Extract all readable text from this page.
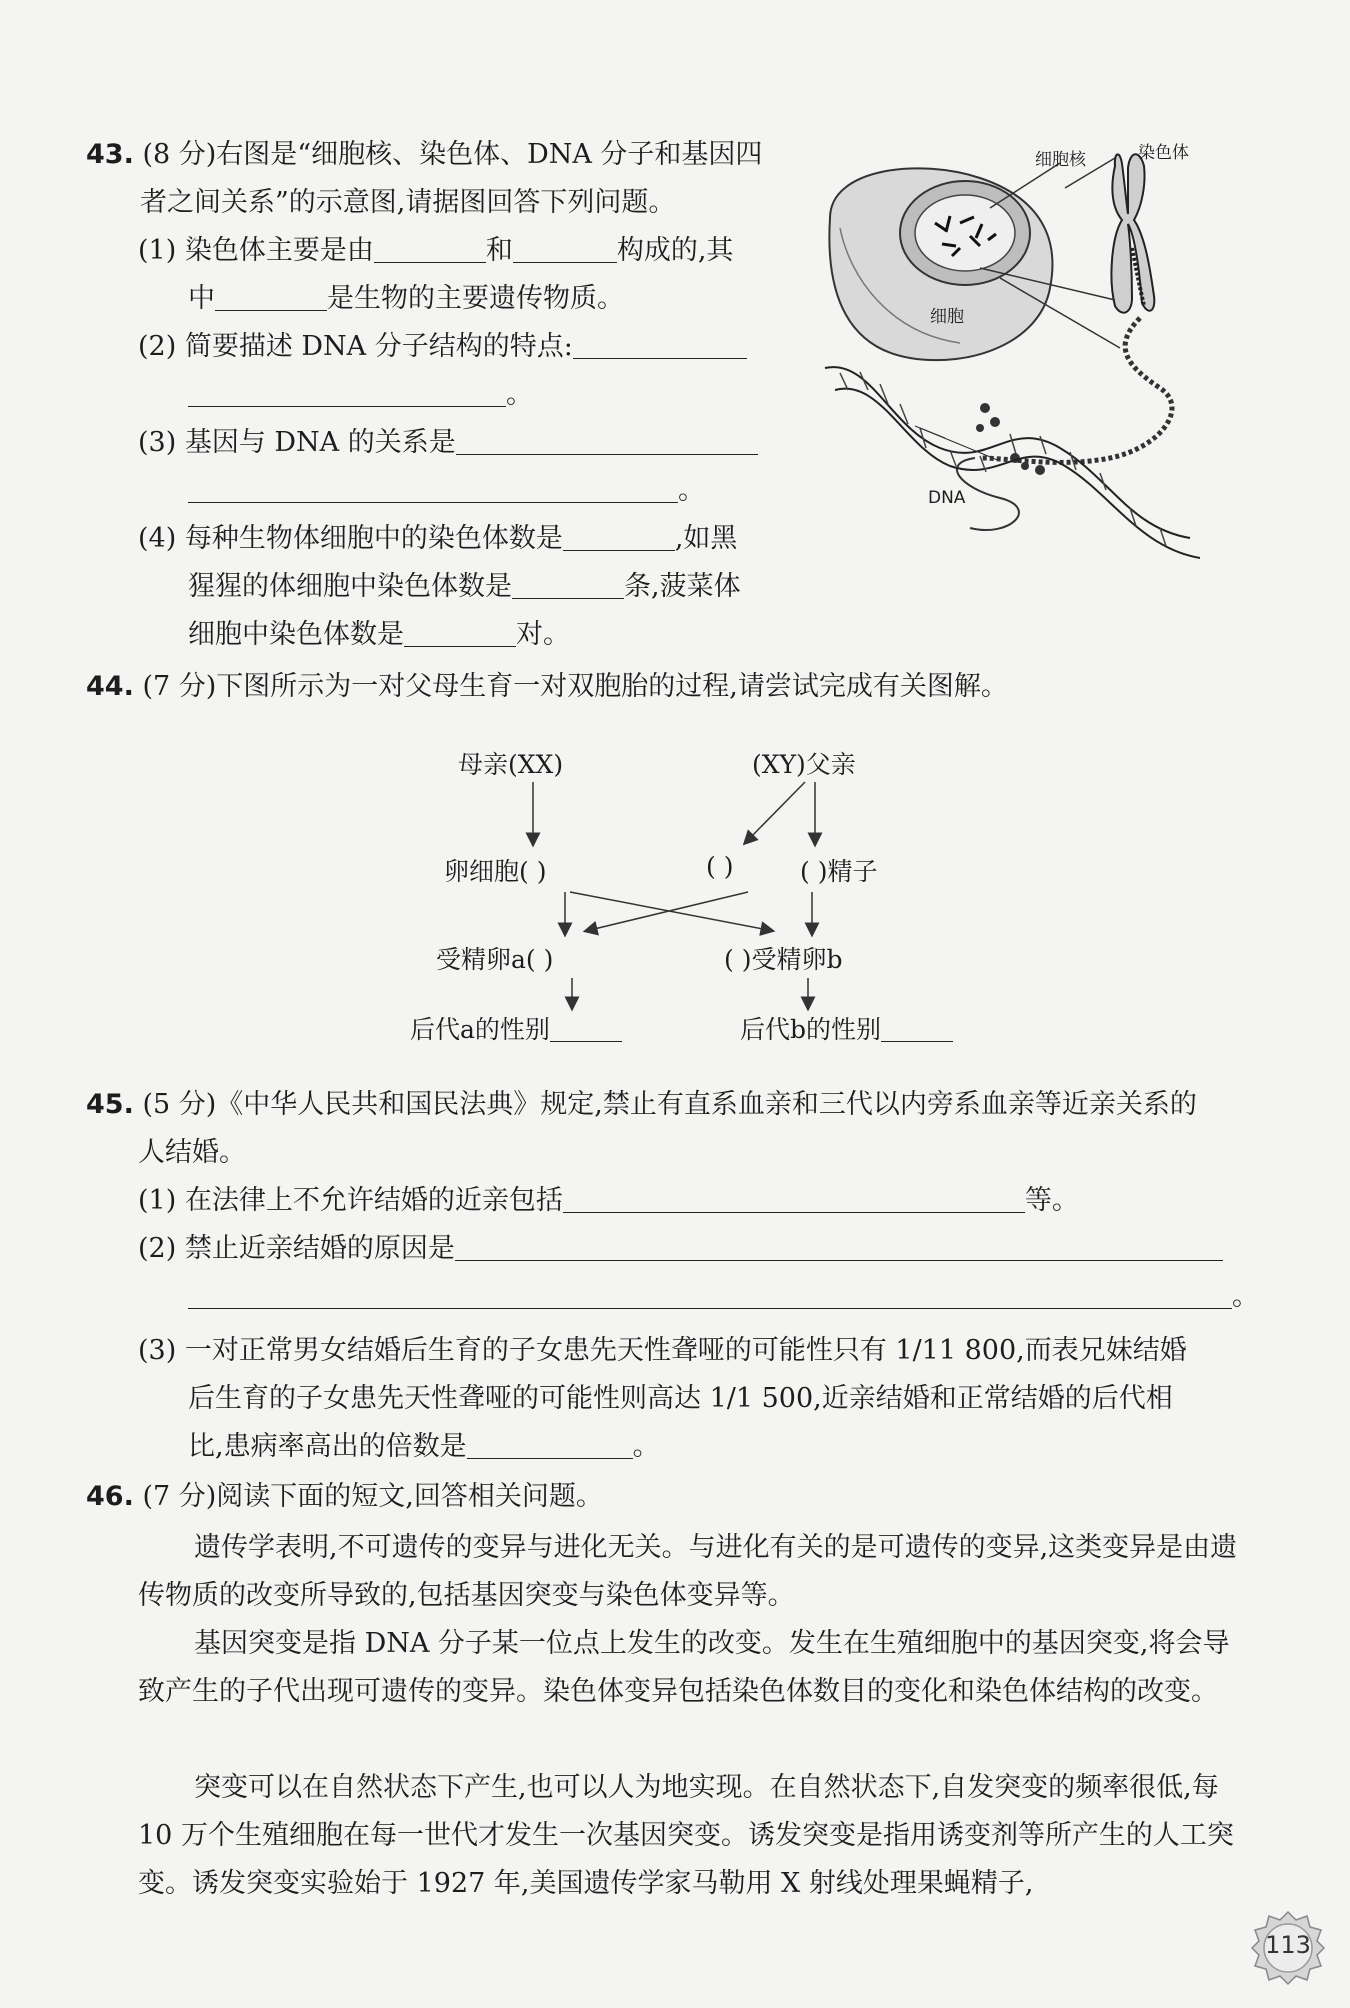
43. (8 分)右图是“细胞核、染色体、DNA 分子和基因四
者之间关系”的示意图,请据图回答下列问题。
(1) 染色体主要是由	和	构成的,其
中	是生物的主要遗传物质。
(2) 简要描述 DNA 分子结构的特点:
。
(3) 基因与 DNA 的关系是
。
(4) 每种生物体细胞中的染色体数是	,如黑
猩猩的体细胞中染色体数是	条,菠菜体
细胞中染色体数是	对。
细胞核	染色体
细胞
DNA
44. (7 分)下图所示为一对父母生育一对双胞胎的过程,请尝试完成有关图解。
母亲(XX)	(XY)父亲
卵细胞( )	( )	( )精子
受精卵a( )	( )受精卵b
后代a的性别	后代b的性别
45. (5 分)《中华人民共和国民法典》规定,禁止有直系血亲和三代以内旁系血亲等近亲关系的
人结婚。
(1) 在法律上不允许结婚的近亲包括	等。
(2) 禁止近亲结婚的原因是
。
(3) 一对正常男女结婚后生育的子女患先天性聋哑的可能性只有 1/11 800,而表兄妹结婚
后生育的子女患先天性聋哑的可能性则高达 1/1 500,近亲结婚和正常结婚的后代相
比,患病率高出的倍数是	。
46. (7 分)阅读下面的短文,回答相关问题。
遗传学表明,不可遗传的变异与进化无关。与进化有关的是可遗传的变异,这类变异是由遗传物质的改变所导致的,包括基因突变与染色体变异等。
基因突变是指 DNA 分子某一位点上发生的改变。发生在生殖细胞中的基因突变,将会导致产生的子代出现可遗传的变异。染色体变异包括染色体数目的变化和染色体结构的改变。
突变可以在自然状态下产生,也可以人为地实现。在自然状态下,自发突变的频率很低,每 10 万个生殖细胞在每一世代才发生一次基因突变。诱发突变是指用诱变剂等所产生的人工突变。诱发突变实验始于 1927 年,美国遗传学家马勒用 X 射线处理果蝇精子,
113
